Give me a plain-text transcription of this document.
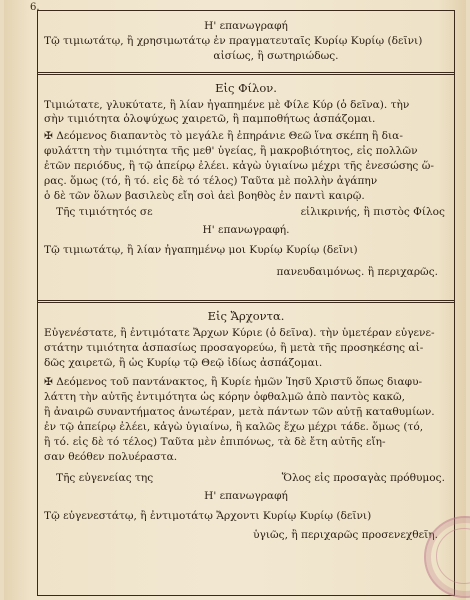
6.
Η' επανωγραφή
Τῷ τιμιωτάτῳ, ἢ χρησιμωτάτῳ ἐν πραγματευταῖς Κυρίῳ Κυρίῳ (δεῖνι)
αἰσίως, ἢ σωτηριώδως.
Εἰς Φίλον.
Τιμιώτατε, γλυκύτατε, ἢ λίαν ἠγαπημένε μὲ Φίλε Κύρ (ὁ δεῖνα). τὴν
σὴν τιμιότητα ὁλοψύχως χαιρετῶ, ἢ παμποθήτως ἀσπάζομαι.
✠ Δεόμενος διαπαντὸς τὸ μεγάλε ἢ ἐπηράνιε Θεῶ ἵνα σκέπη ἢ δια-
φυλάττη τὴν τιμιότητα τῆς μεθ' ὑγείας, ἢ μακροβιότητος, εἰς πολλῶν
ἐτῶν περιόδυς, ἢ τῷ ἀπείρῳ ἐλέει. κἀγὼ ὑγιαίνω μέχρι τῆς ἐνεσώσης ὥ-
ρας. ὅμως (τό, ἢ τό. εἰς δὲ τό τέλος) Ταῦτα μὲ πολλὴν ἀγάπην
ὁ δὲ τῶν ὅλων βασιλεὺς εἴη σοὶ ἀεὶ βοηθὸς ἐν παντὶ καιρῷ.
Τῆς τιμιότητός σε	εἰλικρινής, ἢ πιστὸς Φίλος
Η' επανωγραφή.
Τῷ τιμιωτάτῳ, ἢ λίαν ἠγαπημένῳ μοι Κυρίῳ Κυρίῳ (δεῖνι)
πανευδαιμόνως. ἢ περιχαρῶς.
Εἰς Ἄρχοντα.
Εὐγενέστατε, ἢ ἐντιμότατε Ἄρχων Κύριε (ὁ δεῖνα). τὴν ὑμετέραν εὐγενε-
στάτην τιμιότητα ἀσπασίως προσαγορεύω, ἢ μετὰ τῆς προσηκέσης αἰ-
δῶς χαιρετῶ, ἢ ὡς Κυρίῳ τῷ Θεῷ ἰδίως ἀσπάζομαι.
✠ Δεόμενος τοῦ παντάνακτος, ἢ Κυρίε ἡμῶν Ἰησῦ Χριστῦ ὅπως διαφυ-
λάττη τὴν αὐτῆς ἐντιμότητα ὡς κόρην ὀφθαλμῶ ἀπὸ παντὸς κακῶ,
ἢ ἀναιρῶ συναντήματος ἀνωτέραν, μετὰ πάντων τῶν αὐτῇ καταθυμίων.
ἐν τῷ ἀπείρῳ ἐλέει, κἀγὼ ὑγιαίνω, ἢ καλῶς ἔχω μέχρι τάδε. ὅμως (τό,
ἢ τό. εἰς δὲ τό τέλος) Ταῦτα μὲν ἐπιπόνως, τὰ δὲ ἔτη αὐτῆς εἴη-
σαν θεόθεν πολυέραστα.
Τῆς εὐγενείας της	Ὅλος εἰς προσαγὰς πρόθυμος.
Η' επανωγραφή
Τῷ εὐγενεστάτῳ, ἢ ἐντιμοτάτῳ Ἄρχοντι Κυρίῳ Κυρίῳ (δεῖνι)
ὑγιῶς, ἢ περιχαρῶς προσενεχθεῖη.
